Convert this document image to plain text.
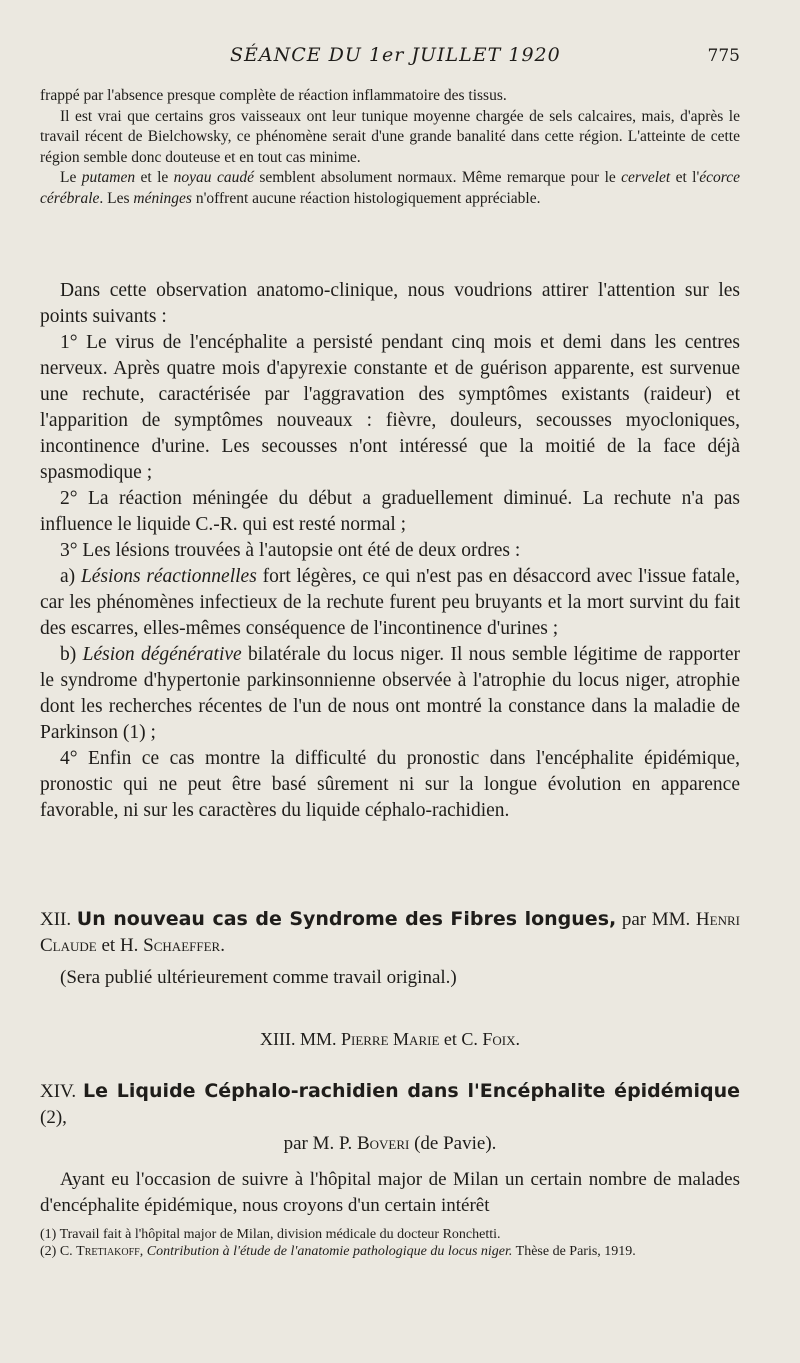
SÉANCE DU 1er JUILLET 1920	775

frappé par l'absence presque complète de réaction inflammatoire des tissus.

Il est vrai que certains gros vaisseaux ont leur tunique moyenne chargée de sels calcaires, mais, d'après le travail récent de Bielchowsky, ce phénomène serait d'une grande banalité dans cette région. L'atteinte de cette région semble donc douteuse et en tout cas minime.

Le putamen et le noyau caudé semblent absolument normaux. Même remarque pour le cervelet et l'écorce cérébrale. Les méninges n'offrent aucune réaction histologiquement appréciable.

Dans cette observation anatomo-clinique, nous voudrions attirer l'attention sur les points suivants :

1° Le virus de l'encéphalite a persisté pendant cinq mois et demi dans les centres nerveux. Après quatre mois d'apyrexie constante et de guérison apparente, est survenue une rechute, caractérisée par l'aggravation des symptômes existants (raideur) et l'apparition de symptômes nouveaux : fièvre, douleurs, secousses myocloniques, incontinence d'urine. Les secousses n'ont intéressé que la moitié de la face déjà spasmodique ;

2° La réaction méningée du début a graduellement diminué. La rechute n'a pas influence le liquide C.-R. qui est resté normal ;

3° Les lésions trouvées à l'autopsie ont été de deux ordres :

a) Lésions réactionnelles fort légères, ce qui n'est pas en désaccord avec l'issue fatale, car les phénomènes infectieux de la rechute furent peu bruyants et la mort survint du fait des escarres, elles-mêmes conséquence de l'incontinence d'urines ;

b) Lésion dégénérative bilatérale du locus niger. Il nous semble légitime de rapporter le syndrome d'hypertonie parkinsonnienne observée à l'atrophie du locus niger, atrophie dont les recherches récentes de l'un de nous ont montré la constance dans la maladie de Parkinson (1) ;

4° Enfin ce cas montre la difficulté du pronostic dans l'encéphalite épidémique, pronostic qui ne peut être basé sûrement ni sur la longue évolution en apparence favorable, ni sur les caractères du liquide céphalo-rachidien.

XII. Un nouveau cas de Syndrome des Fibres longues, par MM. Henri Claude et H. Schaeffer.

(Sera publié ultérieurement comme travail original.)

XIII. MM. Pierre Marie et C. Foix.

XIV. Le Liquide Céphalo-rachidien dans l'Encéphalite épidémique (2),

par M. P. Boveri (de Pavie).

Ayant eu l'occasion de suivre à l'hôpital major de Milan un certain nombre de malades d'encéphalite épidémique, nous croyons d'un certain intérêt

(1) Travail fait à l'hôpital major de Milan, division médicale du docteur Ronchetti.

(2) C. Tretiakoff, Contribution à l'étude de l'anatomie pathologique du locus niger. Thèse de Paris, 1919.
